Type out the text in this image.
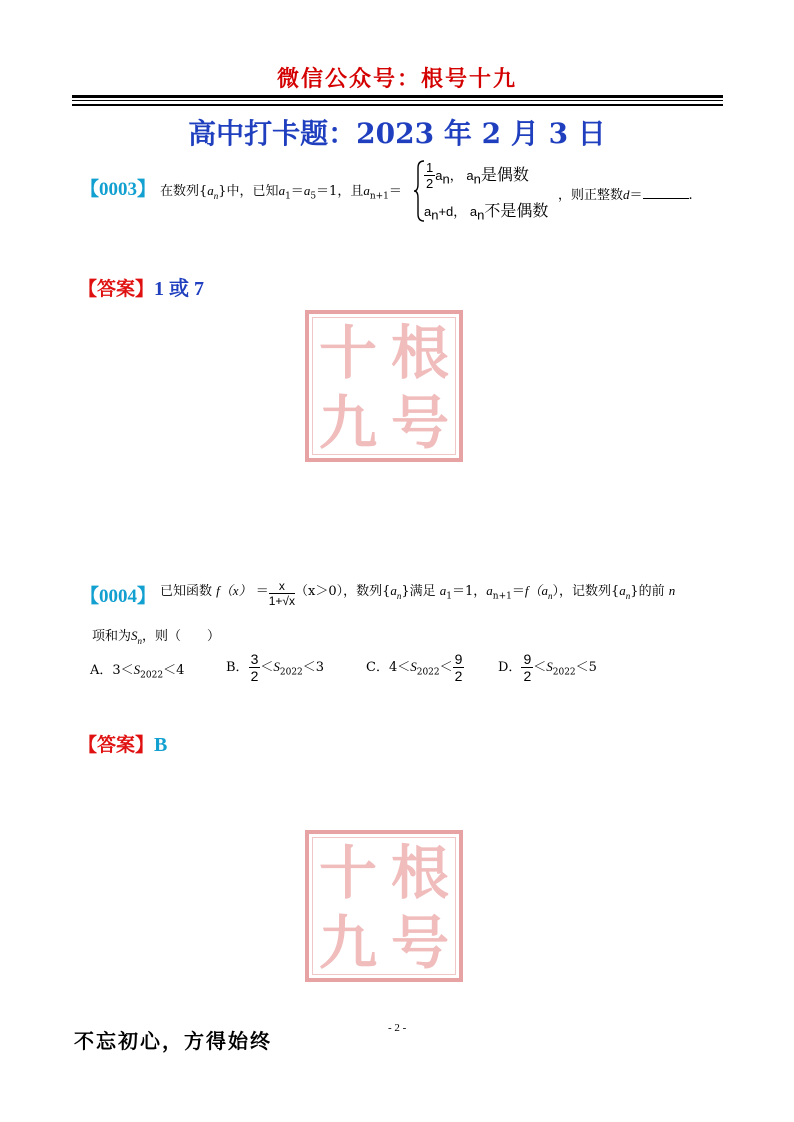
微信公众号：根号十九
高中打卡题：2023 年 2 月 3 日
【0003】 在数列$\{a_n\}$中，已知$a_1=a_5=1$，且$a_{n+1}=$
$\frac{1}{2} a_n$， $a_n$是偶数
$a_n+d$， $a_n$不是偶数
，则正整数d＝	.
【答案】1 或 7
十 根
九 号
【0004】 已知函数 $f(x) = \frac{x}{1+√x} (x>0)$，数列$\{a_n\}$满足 $a_1=1$，$a_{n+1}=f(a_n)$，记数列$\{a_n\}$的前 n
项和为$S_n$，则（　　）
A．$3<S_{2022}<4$	B． $\frac{3}{2} <S_{2022}<3$	C．$4<S_{2022}< \frac{9}{2}$	D． $\frac{9}{2} <S_{2022}<5$
【答案】B
十 根
九 号
- 2 -
不忘初心，方得始终
